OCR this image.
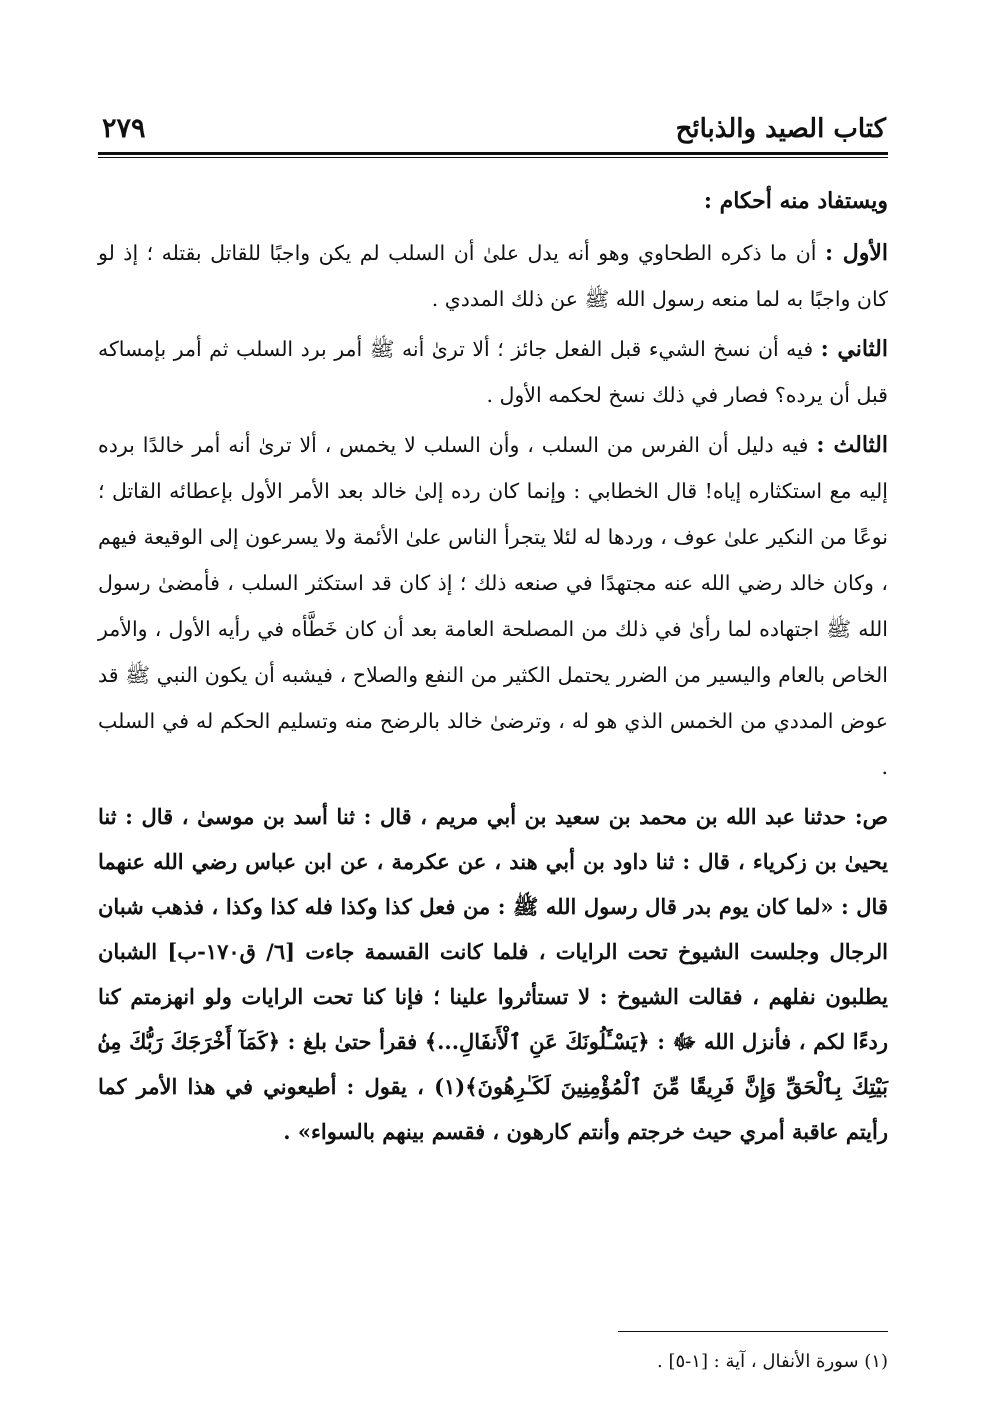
كتاب الصيد والذبائح
٢٧٩

ويستفاد منه أحكام :

الأول : أن ما ذكره الطحاوي وهو أنه يدل علىٰ أن السلب لم يكن واجبًا للقاتل بقتله ؛ إذ لو كان واجبًا به لما منعه رسول الله ﷺ عن ذلك المددي .

الثاني : فيه أن نسخ الشيء قبل الفعل جائز ؛ ألا ترىٰ أنه ﷺ أمر برد السلب ثم أمر بإمساكه قبل أن يرده؟ فصار في ذلك نسخ لحكمه الأول .

الثالث : فيه دليل أن الفرس من السلب ، وأن السلب لا يخمس ، ألا ترىٰ أنه أمر خالدًا برده إليه مع استكثاره إياه! قال الخطابي : وإنما كان رده إلىٰ خالد بعد الأمر الأول بإعطائه القاتل ؛ نوعًا من النكير علىٰ عوف ، وردها له لئلا يتجرأ الناس علىٰ الأئمة ولا يسرعون إلى الوقيعة فيهم ، وكان خالد رضي الله عنه مجتهدًا في صنعه ذلك ؛ إذ كان قد استكثر السلب ، فأمضىٰ رسول الله ﷺ اجتهاده لما رأىٰ في ذلك من المصلحة العامة بعد أن كان خَطَّأه في رأيه الأول ، والأمر الخاص بالعام واليسير من الضرر يحتمل الكثير من النفع والصلاح ، فيشبه أن يكون النبي ﷺ قد عوض المددي من الخمس الذي هو له ، وترضىٰ خالد بالرضح منه وتسليم الحكم له في السلب .

ص: حدثنا عبد الله بن محمد بن سعيد بن أبي مريم ، قال : ثنا أسد بن موسىٰ ، قال : ثنا يحيىٰ بن زكرياء ، قال : ثنا داود بن أبي هند ، عن عكرمة ، عن ابن عباس رضي الله عنهما قال : «لما كان يوم بدر قال رسول الله ﷺ : من فعل كذا وكذا فله كذا وكذا ، فذهب شبان الرجال وجلست الشيوخ تحت الرايات ، فلما كانت القسمة جاءت [٦/ ق١٧٠-ب] الشبان يطلبون نفلهم ، فقالت الشيوخ : لا تستأثروا علينا ؛ فإنا كنا تحت الرايات ولو انهزمتم كنا ردءًا لكم ، فأنزل الله ﷻ : ﴿يَسْـَٔلُونَكَ عَنِ ٱلْأَنفَالِ...﴾ فقرأ حتىٰ بلغ : ﴿كَمَآ أَخْرَجَكَ رَبُّكَ مِنۢ بَيْتِكَ بِٱلْحَقِّ وَإِنَّ فَرِيقًا مِّنَ ٱلْمُؤْمِنِينَ لَكَـٰرِهُونَ﴾(١) ، يقول : أطيعوني في هذا الأمر كما رأيتم عاقبة أمري حيث خرجتم وأنتم كارهون ، فقسم بينهم بالسواء» .

(١) سورة الأنفال ، آية : [١-٥] .
